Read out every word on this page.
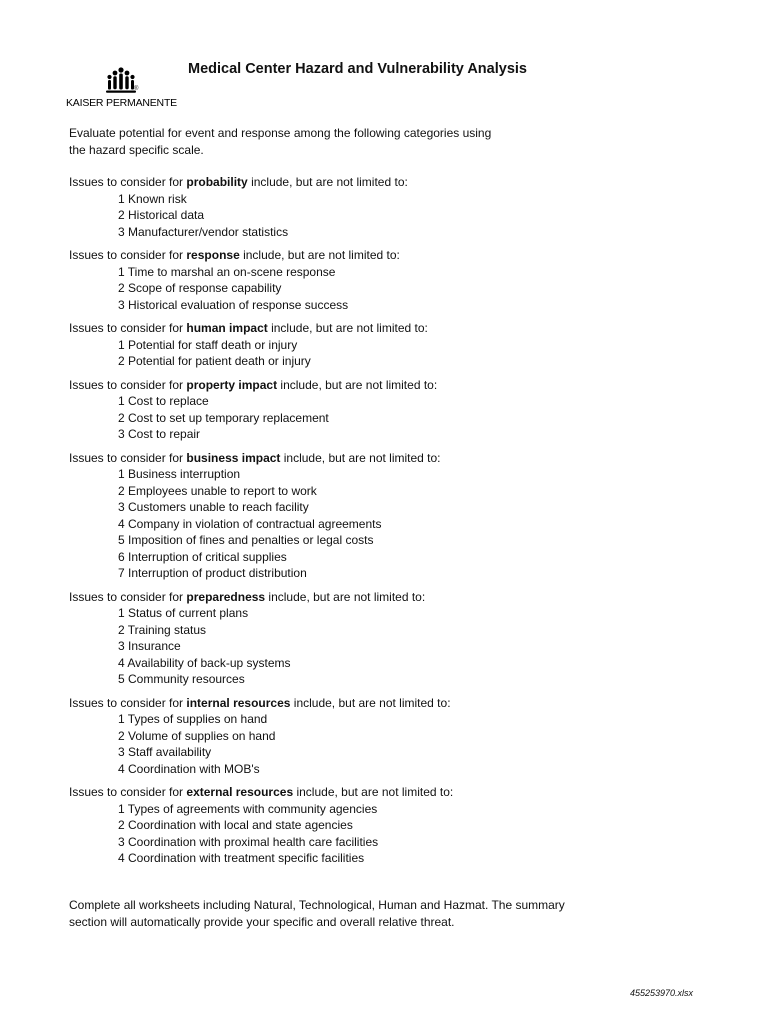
®
KAISER PERMANENTE
Medical Center Hazard and Vulnerability Analysis
Evaluate potential for event and response among the following categories using
the hazard specific scale.
Issues to consider for probability include, but are not limited to:
1 Known risk
2 Historical data
3 Manufacturer/vendor statistics
Issues to consider for response include, but are not limited to:
1 Time to marshal an on-scene response
2 Scope of response capability
3 Historical evaluation of response success
Issues to consider for human impact include, but are not limited to:
1 Potential for staff death or injury
2 Potential for patient death or injury
Issues to consider for property impact include, but are not limited to:
1 Cost to replace
2 Cost to set up temporary replacement
3 Cost to repair
Issues to consider for business impact include, but are not limited to:
1 Business interruption
2 Employees unable to report to work
3 Customers unable to reach facility
4 Company in violation of contractual agreements
5 Imposition of fines and penalties or legal costs
6 Interruption of critical supplies
7 Interruption of product distribution
Issues to consider for preparedness include, but are not limited to:
1 Status of current plans
2 Training status
3 Insurance
4 Availability of back-up systems
5 Community resources
Issues to consider for internal resources include, but are not limited to:
1 Types of supplies on hand
2 Volume of supplies on hand
3 Staff availability
4 Coordination with MOB's
Issues to consider for external resources include, but are not limited to:
1 Types of agreements with community agencies
2 Coordination with local and state agencies
3 Coordination with proximal health care facilities
4 Coordination with treatment specific facilities
Complete all worksheets including Natural, Technological, Human and Hazmat. The summary
section will automatically provide your specific and overall relative threat.
455253970.xlsx
